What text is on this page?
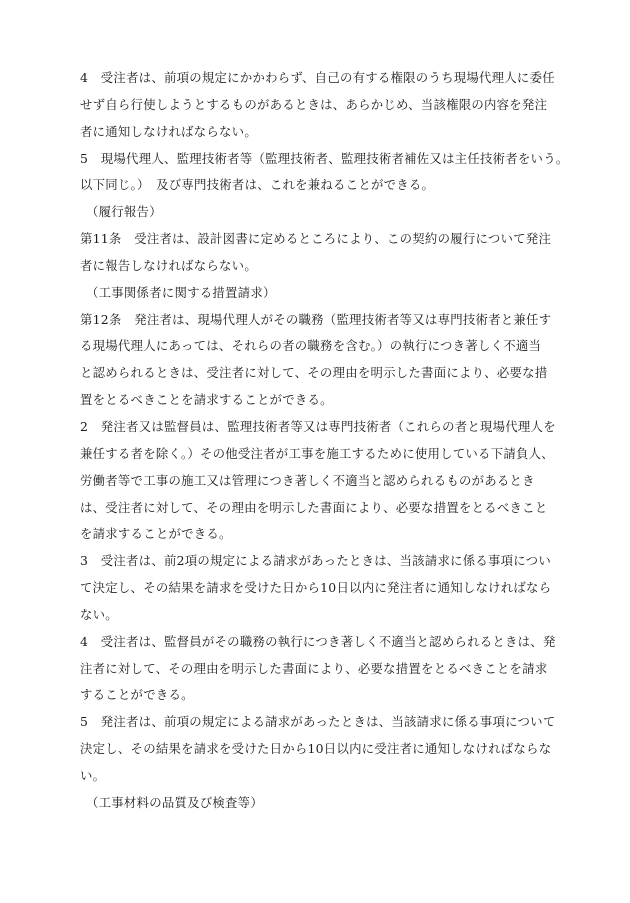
4　受注者は、前項の規定にかかわらず、自己の有する権限のうち現場代理人に委任
せず自ら行使しようとするものがあるときは、あらかじめ、当該権限の内容を発注
者に通知しなければならない。
5　現場代理人、監理技術者等（監理技術者、監理技術者補佐又は主任技術者をいう。
以下同じ。）　及び専門技術者は、これを兼ねることができる。
（履行報告）
第11条　受注者は、設計図書に定めるところにより、この契約の履行について発注
者に報告しなければならない。
（工事関係者に関する措置請求）
第12条　発注者は、現場代理人がその職務（監理技術者等又は専門技術者と兼任す
る現場代理人にあっては、それらの者の職務を含む。）の執行につき著しく不適当
と認められるときは、受注者に対して、その理由を明示した書面により、必要な措
置をとるべきことを請求することができる。
2　発注者又は監督員は、監理技術者等又は専門技術者（これらの者と現場代理人を
兼任する者を除く。）その他受注者が工事を施工するために使用している下請負人、
労働者等で工事の施工又は管理につき著しく不適当と認められるものがあるとき
は、受注者に対して、その理由を明示した書面により、必要な措置をとるべきこと
を請求することができる。
3　受注者は、前2項の規定による請求があったときは、当該請求に係る事項につい
て決定し、その結果を請求を受けた日から10日以内に発注者に通知しなければなら
ない。
4　受注者は、監督員がその職務の執行につき著しく不適当と認められるときは、発
注者に対して、その理由を明示した書面により、必要な措置をとるべきことを請求
することができる。
5　発注者は、前項の規定による請求があったときは、当該請求に係る事項について
決定し、その結果を請求を受けた日から10日以内に受注者に通知しなければならな
い。
（工事材料の品質及び検査等）
